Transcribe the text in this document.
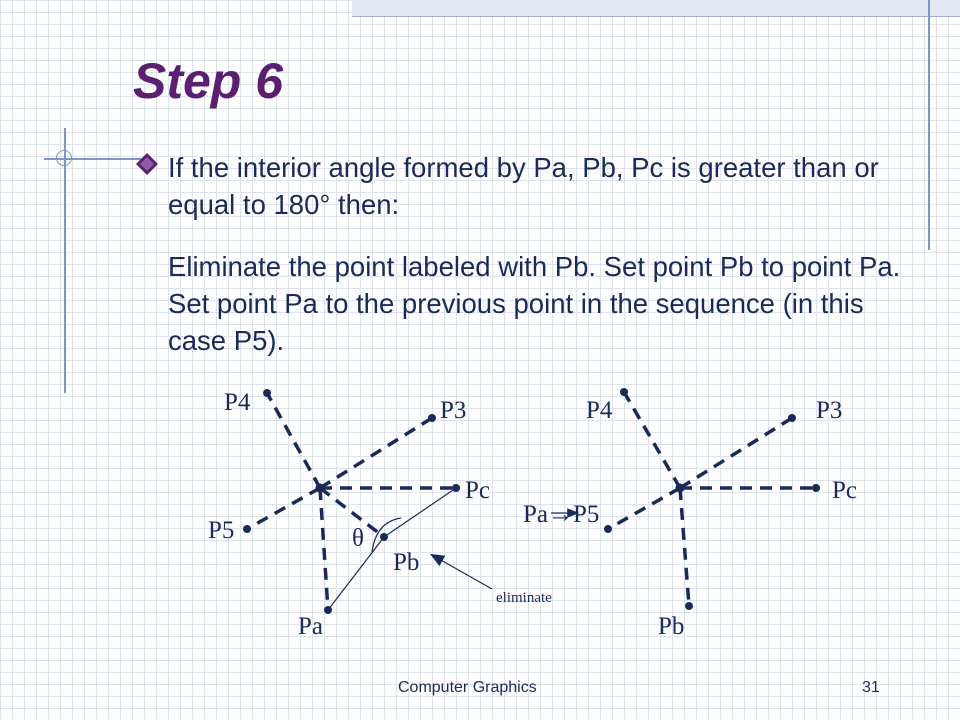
Step 6

If the interior angle formed by Pa, Pb, Pc is greater than or equal to 180° then:

Eliminate the point labeled with Pb. Set point Pb to point Pa. Set point Pa to the previous point in the sequence (in this case P5).

P4	P3
Pc
P5	θ
Pb
Pa
eliminate
P4	P3
Pc
Pa→P5
Pb
Computer Graphics	31
